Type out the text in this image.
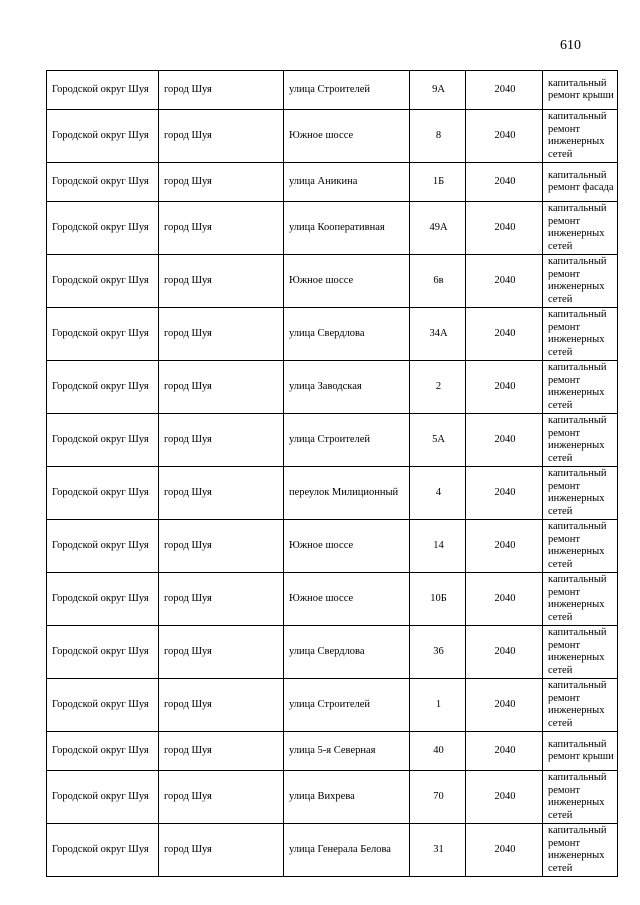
610
Городской округ Шуя	город Шуя	улица Строителей	9А	2040	капитальный ремонт крыши
Городской округ Шуя	город Шуя	Южное шоссе	8	2040	капитальный ремонт инженерных сетей
Городской округ Шуя	город Шуя	улица Аникина	1Б	2040	капитальный ремонт фасада
Городской округ Шуя	город Шуя	улица Кооперативная	49А	2040	капитальный ремонт инженерных сетей
Городской округ Шуя	город Шуя	Южное шоссе	6в	2040	капитальный ремонт инженерных сетей
Городской округ Шуя	город Шуя	улица Свердлова	34А	2040	капитальный ремонт инженерных сетей
Городской округ Шуя	город Шуя	улица Заводская	2	2040	капитальный ремонт инженерных сетей
Городской округ Шуя	город Шуя	улица Строителей	5А	2040	капитальный ремонт инженерных сетей
Городской округ Шуя	город Шуя	переулок Милиционный	4	2040	капитальный ремонт инженерных сетей
Городской округ Шуя	город Шуя	Южное шоссе	14	2040	капитальный ремонт инженерных сетей
Городской округ Шуя	город Шуя	Южное шоссе	10Б	2040	капитальный ремонт инженерных сетей
Городской округ Шуя	город Шуя	улица Свердлова	36	2040	капитальный ремонт инженерных сетей
Городской округ Шуя	город Шуя	улица Строителей	1	2040	капитальный ремонт инженерных сетей
Городской округ Шуя	город Шуя	улица 5-я Северная	40	2040	капитальный ремонт крыши
Городской округ Шуя	город Шуя	улица Вихрева	70	2040	капитальный ремонт инженерных сетей
Городской округ Шуя	город Шуя	улица Генерала Белова	31	2040	капитальный ремонт инженерных сетей
